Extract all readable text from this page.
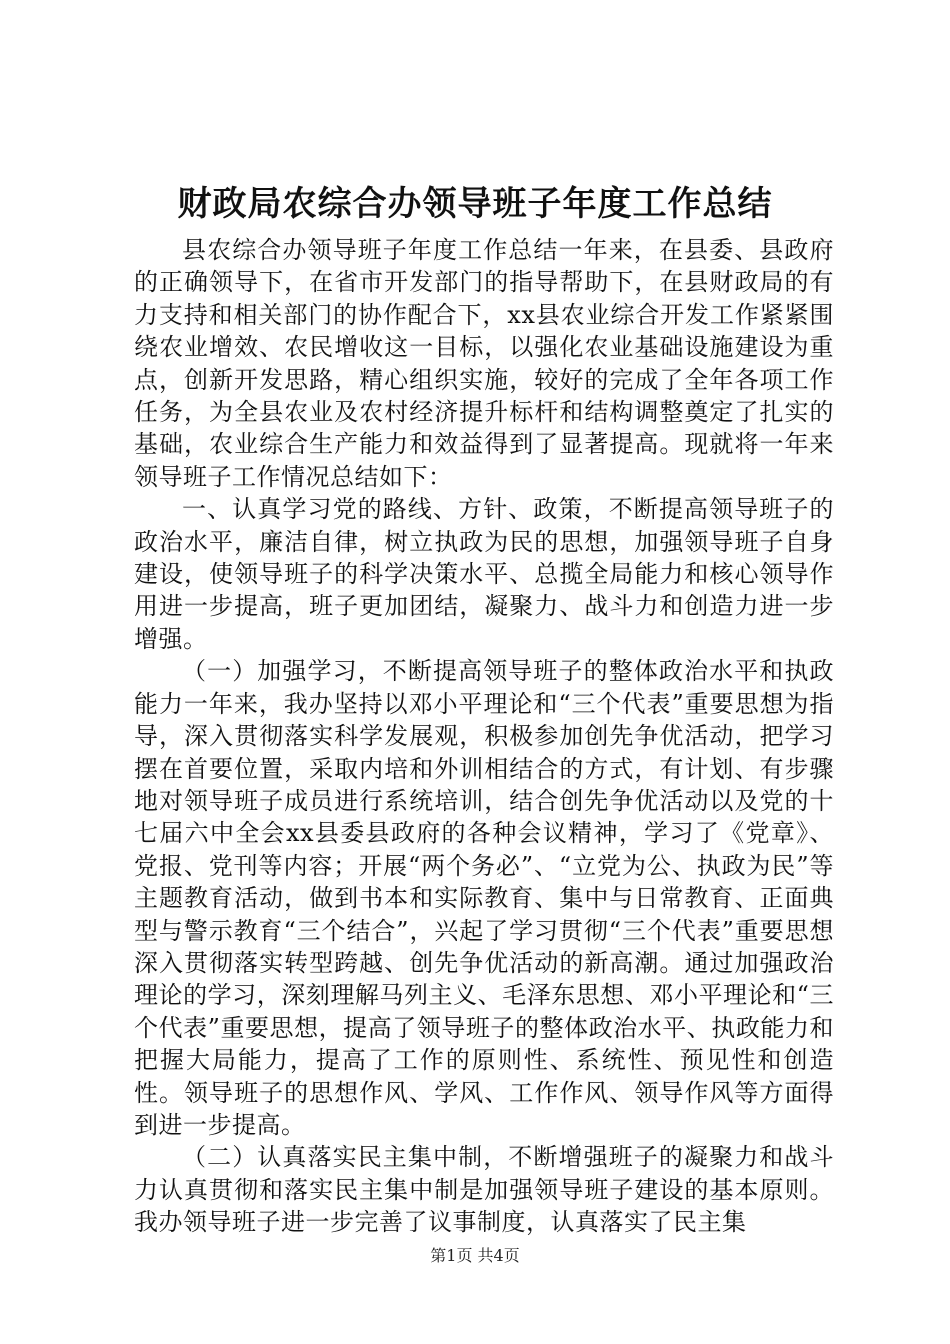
财政局农综合办领导班子年度工作总结

县农综合办领导班子年度工作总结一年来，在县委、县政府的正确领导下，在省市开发部门的指导帮助下，在县财政局的有力支持和相关部门的协作配合下，xx县农业综合开发工作紧紧围绕农业增效、农民增收这一目标，以强化农业基础设施建设为重点，创新开发思路，精心组织实施，较好的完成了全年各项工作任务，为全县农业及农村经济提升标杆和结构调整奠定了扎实的基础，农业综合生产能力和效益得到了显著提高。现就将一年来领导班子工作情况总结如下：

一、认真学习党的路线、方针、政策，不断提高领导班子的政治水平，廉洁自律，树立执政为民的思想，加强领导班子自身建设，使领导班子的科学决策水平、总揽全局能力和核心领导作用进一步提高，班子更加团结，凝聚力、战斗力和创造力进一步增强。

（一）加强学习，不断提高领导班子的整体政治水平和执政能力一年来，我办坚持以邓小平理论和“三个代表”重要思想为指导，深入贯彻落实科学发展观，积极参加创先争优活动，把学习摆在首要位置，采取内培和外训相结合的方式，有计划、有步骤地对领导班子成员进行系统培训，结合创先争优活动以及党的十七届六中全会xx县委县政府的各种会议精神，学习了《党章》、党报、党刊等内容；开展“两个务必”、“立党为公、执政为民”等主题教育活动，做到书本和实际教育、集中与日常教育、正面典型与警示教育“三个结合”，兴起了学习贯彻“三个代表”重要思想深入贯彻落实转型跨越、创先争优活动的新高潮。通过加强政治理论的学习，深刻理解马列主义、毛泽东思想、邓小平理论和“三个代表”重要思想，提高了领导班子的整体政治水平、执政能力和把握大局能力，提高了工作的原则性、系统性、预见性和创造性。领导班子的思想作风、学风、工作作风、领导作风等方面得到进一步提高。

（二）认真落实民主集中制，不断增强班子的凝聚力和战斗力认真贯彻和落实民主集中制是加强领导班子建设的基本原则。我办领导班子进一步完善了议事制度，认真落实了民主集

第1页 共4页
